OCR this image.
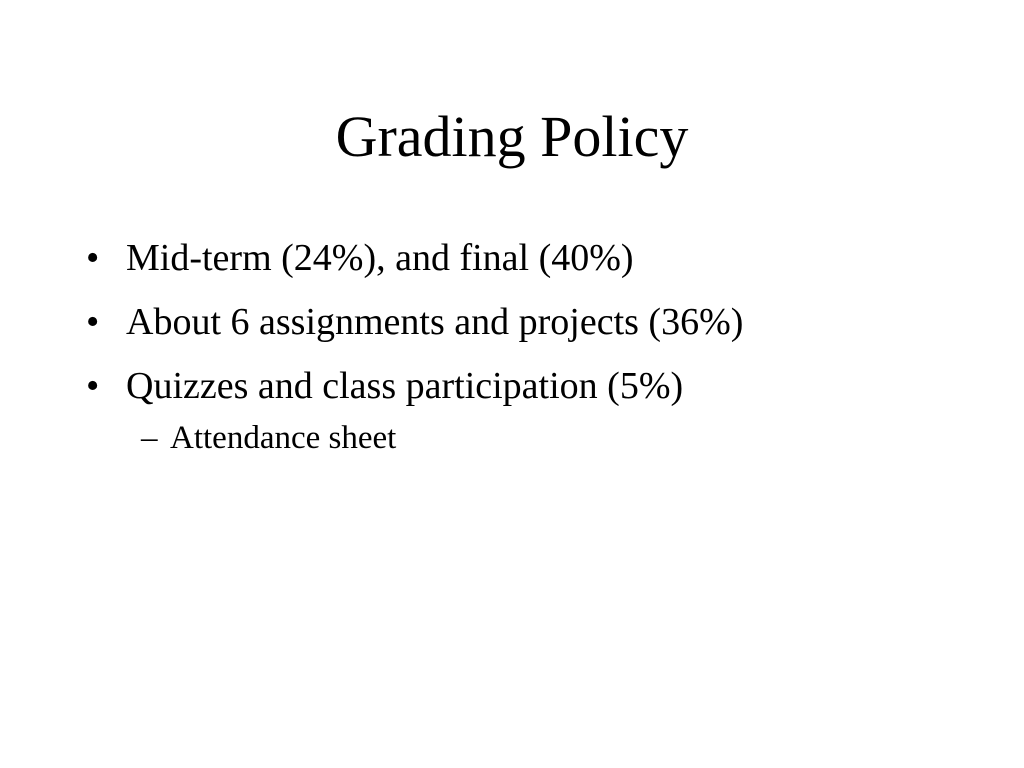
Grading Policy
• Mid-term (24%), and final (40%)
• About 6 assignments and projects (36%)
• Quizzes and class participation (5%)
– Attendance sheet
